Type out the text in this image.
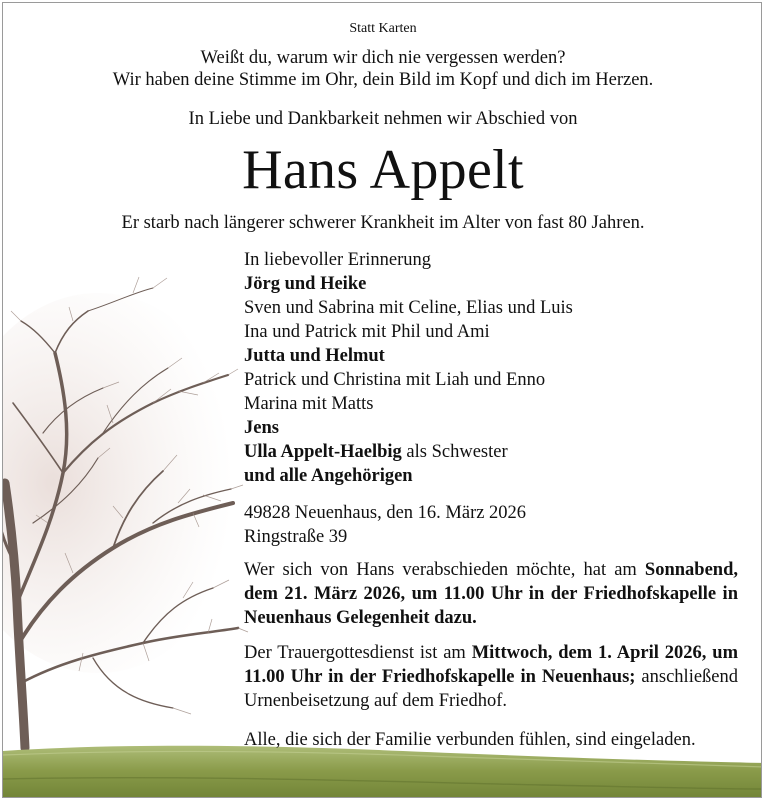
Statt Karten
Weißt du, warum wir dich nie vergessen werden?
Wir haben deine Stimme im Ohr, dein Bild im Kopf und dich im Herzen.
In Liebe und Dankbarkeit nehmen wir Abschied von
Hans Appelt
Er starb nach längerer schwerer Krankheit im Alter von fast 80 Jahren.
In liebevoller Erinnerung
Jörg und Heike
Sven und Sabrina mit Celine, Elias und Luis
Ina und Patrick mit Phil und Ami
Jutta und Helmut
Patrick und Christina mit Liah und Enno
Marina mit Matts
Jens
Ulla Appelt-Haelbig als Schwester
und alle Angehörigen
49828 Neuenhaus, den 16. März 2026
Ringstraße 39
Wer sich von Hans verabschieden möchte, hat am Sonnabend, dem 21. März 2026, um 11.00 Uhr in der Friedhofskapelle in Neuenhaus Gelegenheit dazu.
Der Trauergottesdienst ist am Mittwoch, dem 1. April 2026, um 11.00 Uhr in der Friedhofskapelle in Neuenhaus; anschließend Urnenbeisetzung auf dem Friedhof.
Alle, die sich der Familie verbunden fühlen, sind eingeladen.
